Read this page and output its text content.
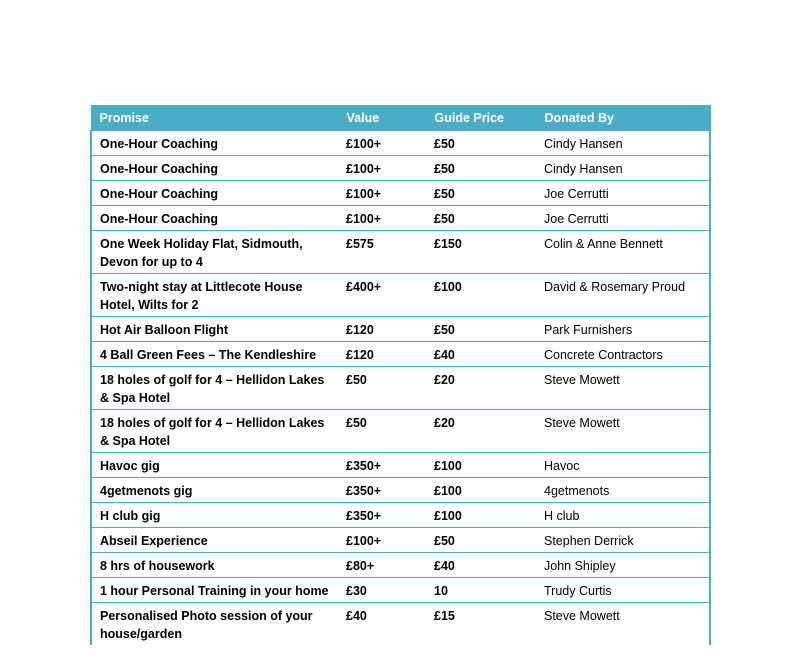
Promise	Value	Guide Price	Donated By
One-Hour Coaching	£100+	£50	Cindy Hansen
One-Hour Coaching	£100+	£50	Cindy Hansen
One-Hour Coaching	£100+	£50	Joe Cerrutti
One-Hour Coaching	£100+	£50	Joe Cerrutti
One Week Holiday Flat, Sidmouth, Devon for up to 4	£575	£150	Colin & Anne Bennett
Two-night stay at Littlecote House Hotel, Wilts for 2	£400+	£100	David & Rosemary Proud
Hot Air Balloon Flight	£120	£50	Park Furnishers
4 Ball Green Fees – The Kendleshire	£120	£40	Concrete Contractors
18 holes of golf for 4 – Hellidon Lakes & Spa Hotel	£50	£20	Steve Mowett
18 holes of golf for 4 – Hellidon Lakes & Spa Hotel	£50	£20	Steve Mowett
Havoc gig	£350+	£100	Havoc
4getmenots gig	£350+	£100	4getmenots
H club gig	£350+	£100	H club
Abseil Experience	£100+	£50	Stephen Derrick
8 hrs of housework	£80+	£40	John Shipley
1 hour Personal Training in your home	£30	10	Trudy Curtis
Personalised Photo session of your house/garden	£40	£15	Steve Mowett
